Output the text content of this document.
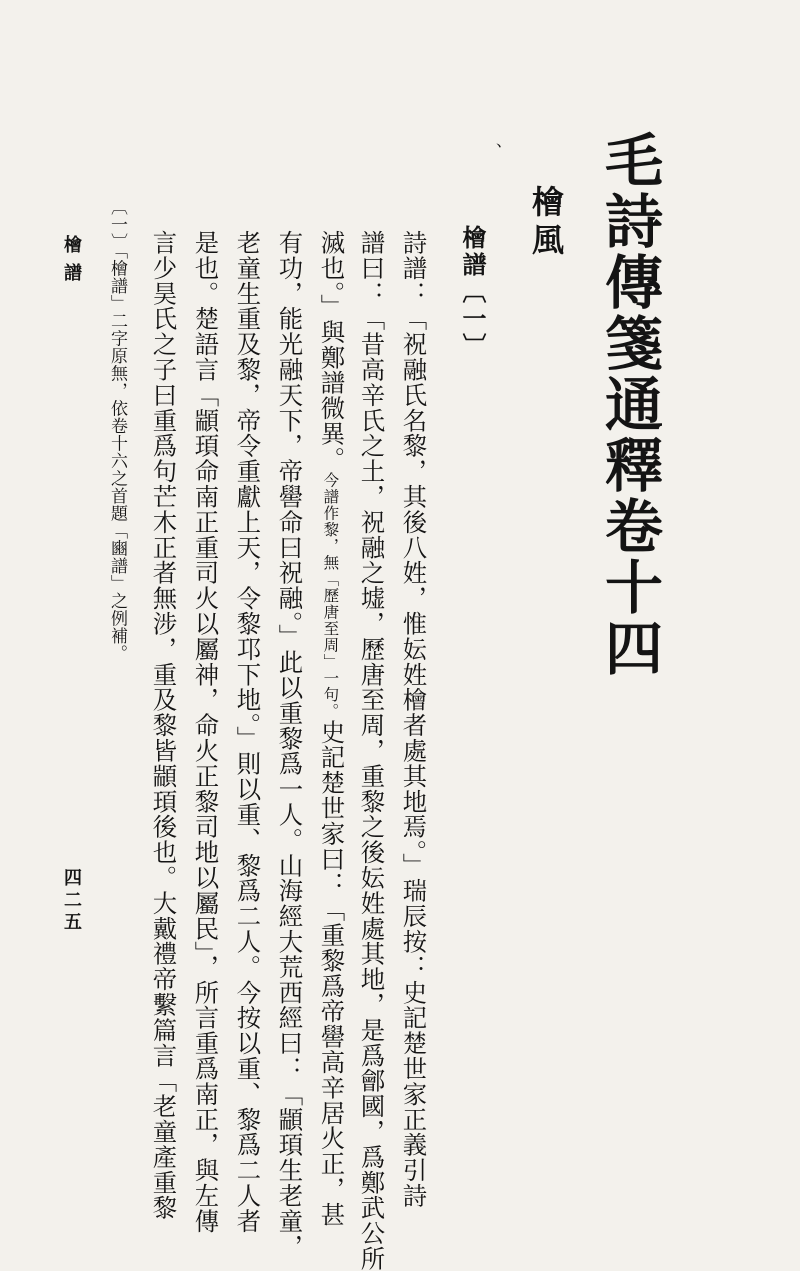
毛詩傳箋通釋卷十四
檜風
檜譜〔一〕
、
詩譜：「祝融氏名黎，其後八姓，惟妘姓檜者處其地焉。」瑞辰按：史記楚世家正義引詩
譜曰：「昔高辛氏之土，祝融之墟，歷唐至周，重黎之後妘姓處其地，是爲鄶國，爲鄭武公所
滅也。」與鄭譜微異。今譜作黎，無「歷唐至周」一句。史記楚世家曰：「重黎爲帝嚳高辛居火正，甚
有功，能光融天下，帝嚳命曰祝融。」此以重黎爲一人。山海經大荒西經曰：「顓頊生老童，
老童生重及黎，帝令重獻上天，令黎邛下地。」則以重、黎爲二人。今按以重、黎爲二人者
是也。楚語言「顓頊命南正重司火以屬神，命火正黎司地以屬民」，所言重爲南正，與左傳
言少昊氏之子曰重爲句芒木正者無涉，重及黎皆顓頊後也。大戴禮帝繫篇言「老童產重黎
〔一〕「檜譜」二字原無，依卷十六之首題「豳譜」之例補。
檜譜
四二五
